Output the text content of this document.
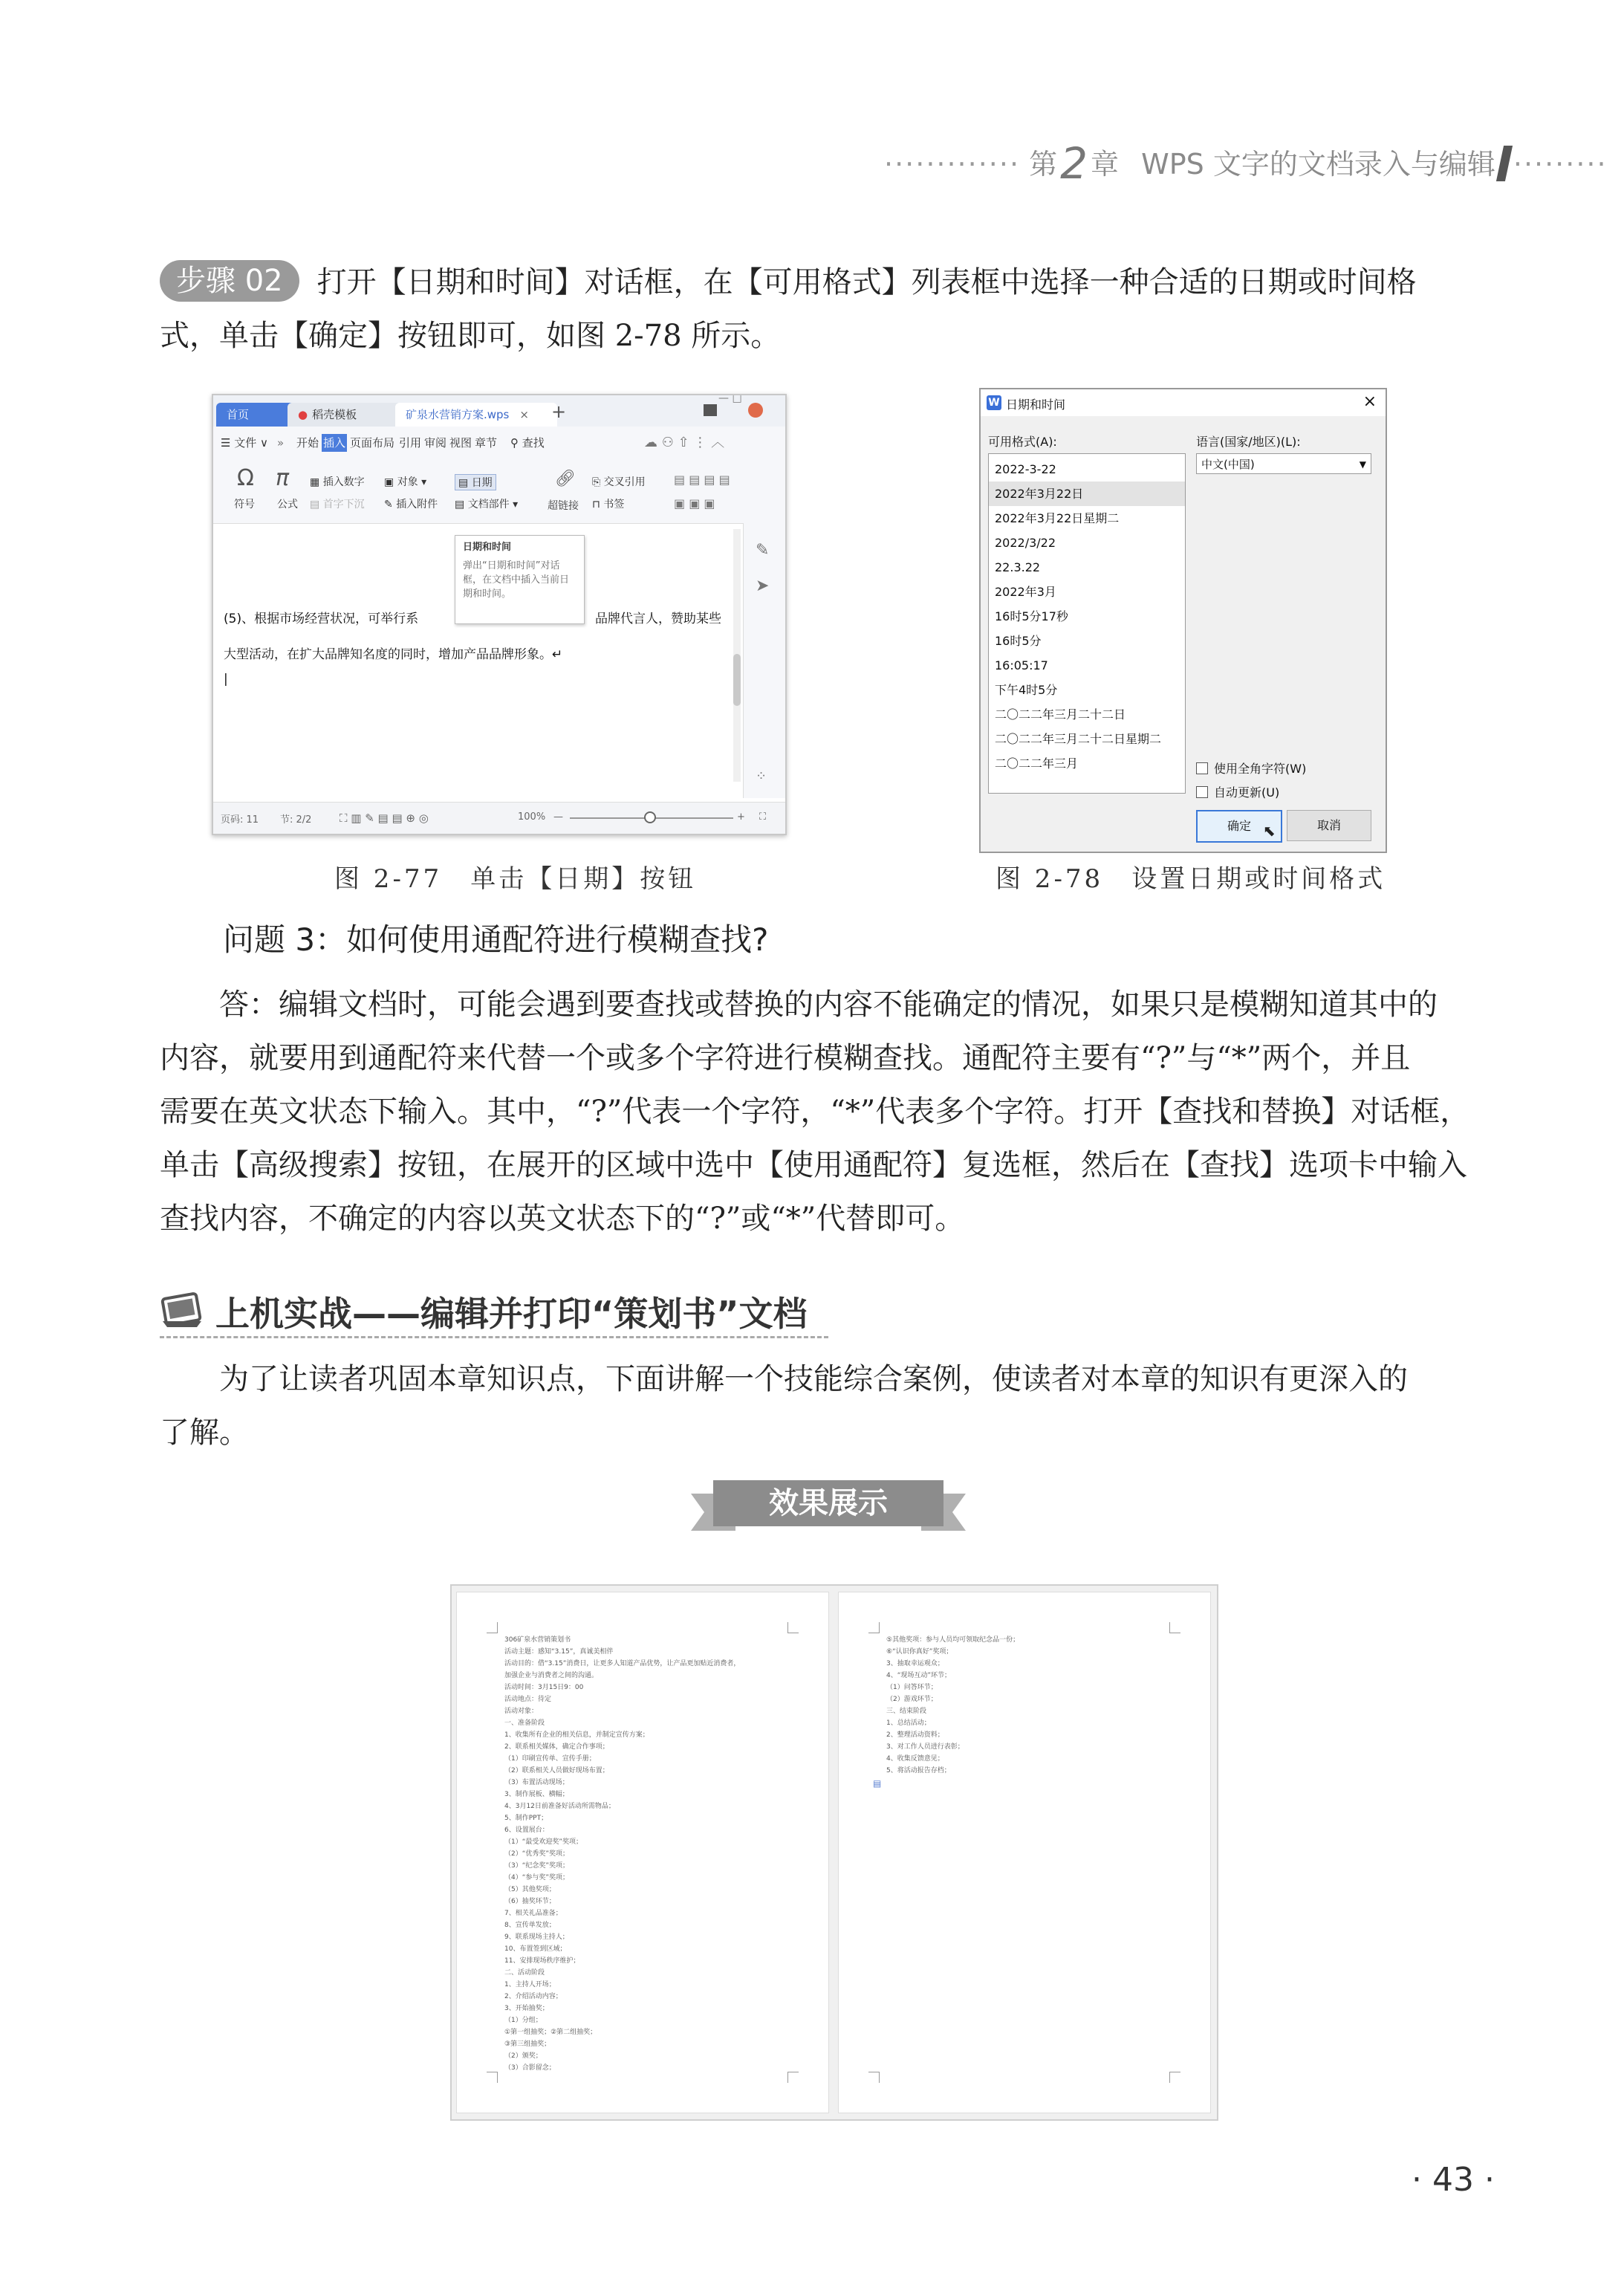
············· 第2 章 WPS 文字的文档录入与编辑 ·········
步骤 02 打开【日期和时间】对话框，在【可用格式】列表框中选择一种合适的日期或时间格
式，单击【确定】按钮即可，如图 2-78 所示。
首页	● 稻壳模板	矿泉水营销方案.wps ×	+
— □
☰ 文件 ∨ » 开始 插入 页面布局 引用 审阅 视图 章节 ⚲ 查找	☁ ⚇ ⇧ ⋮ ︿
Ω π
符号 公式
▦ 插入数字 ▣ 对象 ▾	▤ 日期
▤ 首字下沉 ✎ 插入附件 ▤ 文档部件 ▾
🔗︎
超链接
⎘ 交叉引用
⊓ 书签
▤ ▤ ▤ ▤
▣ ▣ ▣
日期和时间
弹出“日期和时间”对话框，在文档中插入当前日期和时间。
(5)、根据市场经营状况，可举行系	品牌代言人，赞助某些
大型活动，在扩大品牌知名度的同时，增加产品品牌形象。↵
|
✎
➤
⁘
页码: 11 节: 2/2	⛶ ▥ ✎ ▤ ▤ ⊕ ◎	100% —	+ ⛶
W 日期和时间	×
可用格式(A):	语言(国家/地区)(L):
2022-3-22
2022年3月22日
2022年3月22日星期二
2022/3/22
22.3.22
2022年3月
16时5分17秒
16时5分
16:05:17
下午4时5分
二〇二二年三月二十二日
二〇二二年三月二十二日星期二
二〇二二年三月
中文(中国)	▼
使用全角字符(W)
自动更新(U)
确定	取消
⬉
图 2-77　单击【日期】按钮	图 2-78　设置日期或时间格式
问题 3：如何使用通配符进行模糊查找?
答：编辑文档时，可能会遇到要查找或替换的内容不能确定的情况，如果只是模糊知道其中的
内容，就要用到通配符来代替一个或多个字符进行模糊查找。通配符主要有“?”与“*”两个，并且
需要在英文状态下输入。其中，“?”代表一个字符，“*”代表多个字符。打开【查找和替换】对话框，
单击【高级搜索】按钮，在展开的区域中选中【使用通配符】复选框，然后在【查找】选项卡中输入
查找内容，不确定的内容以英文状态下的“?”或“*”代替即可。
上机实战——编辑并打印“策划书”文档
为了让读者巩固本章知识点，下面讲解一个技能综合案例，使读者对本章的知识有更深入的
了解。
效果展示
306矿泉水营销策划书
活动主题：感知“3.15”，真诚美相伴
活动目的：借“3.15”消费日，让更多人知道产品优势，让产品更加贴近消费者，
加强企业与消费者之间的沟通。
活动时间：3月15日9：00
活动地点：待定
活动对象：
一、准备阶段
1、收集所有企业的相关信息，并制定宣传方案；
2、联系相关媒体，确定合作事项；
（1）印刷宣传单、宣传手册；
（2）联系相关人员做好现场布置；
（3）布置活动现场；
3、制作展板、横幅；
4、3月12日前准备好活动所需物品；
5、制作PPT；
6、设置展台：
（1）“最受欢迎奖”奖项；
（2）“优秀奖”奖项；
（3）“纪念奖”奖项；
（4）“参与奖”奖项；
（5）其他奖项；
（6）抽奖环节；
7、相关礼品准备；
8、宣传单发放；
9、联系现场主持人；
10、布置签到区域；
11、安排现场秩序维护；
二、活动阶段
1、主持人开场；
2、介绍活动内容；
3、开始抽奖；
（1）分组；
①第一组抽奖；②第二组抽奖；
③第三组抽奖；
（2）颁奖；
（3）合影留念；
⑤其他奖项：参与人员均可领取纪念品一份；
⑥“认识你真好”奖项；
3、抽取幸运观众；
4、“现场互动”环节；
（1）问答环节；
（2）游戏环节；
三、结束阶段
1、总结活动；
2、整理活动资料；
3、对工作人员进行表彰；
4、收集反馈意见；
5、将活动报告存档；
▤
· 43 ·
